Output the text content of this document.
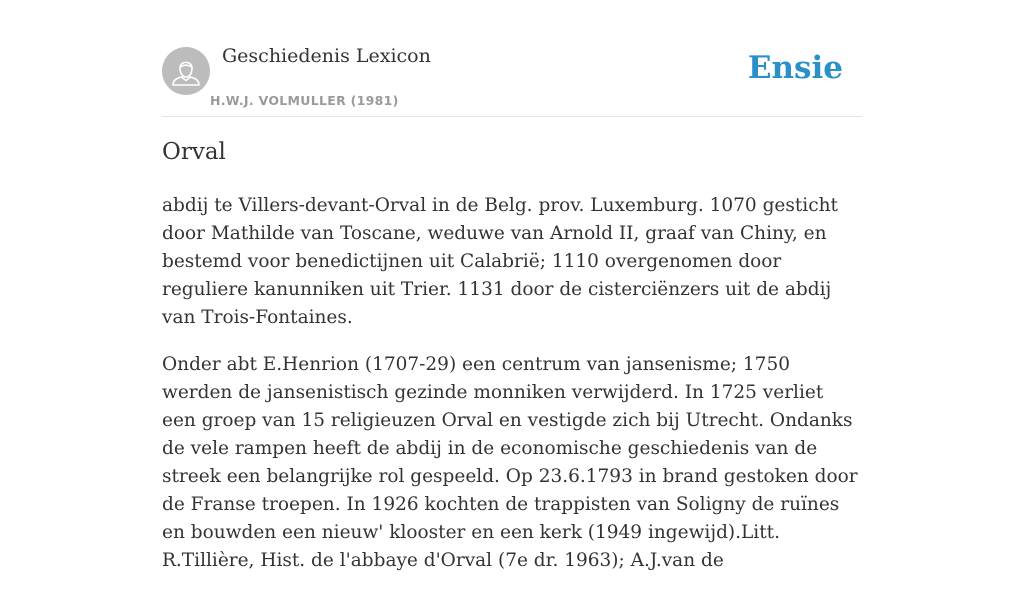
Geschiedenis Lexicon
H.W.J. VOLMULLER (1981)
Ensie
Orval

abdij te Villers-devant-Orval in de Belg. prov. Luxemburg. 1070 gesticht door Mathilde van Toscane, weduwe van Arnold II, graaf van Chiny, en bestemd voor benedictijnen uit Calabrië; 1110 overgenomen door reguliere kanunniken uit Trier. 1131 door de cisterciënzers uit de abdij van Trois-Fontaines.

Onder abt E.Henrion (1707-29) een centrum van jansenisme; 1750 werden de jansenistisch gezinde monniken verwijderd. In 1725 verliet een groep van 15 religieuzen Orval en vestigde zich bij Utrecht. Ondanks de vele rampen heeft de abdij in de economische geschiedenis van de streek een belangrijke rol gespeeld. Op 23.6.1793 in brand gestoken door de Franse troepen. In 1926 kochten de trappisten van Soligny de ruïnes en bouwden een nieuw' klooster en een kerk (1949 ingewijd).Litt. R.Tillière, Hist. de l'abbaye d'Orval (7e dr. 1963); A.J.van de
